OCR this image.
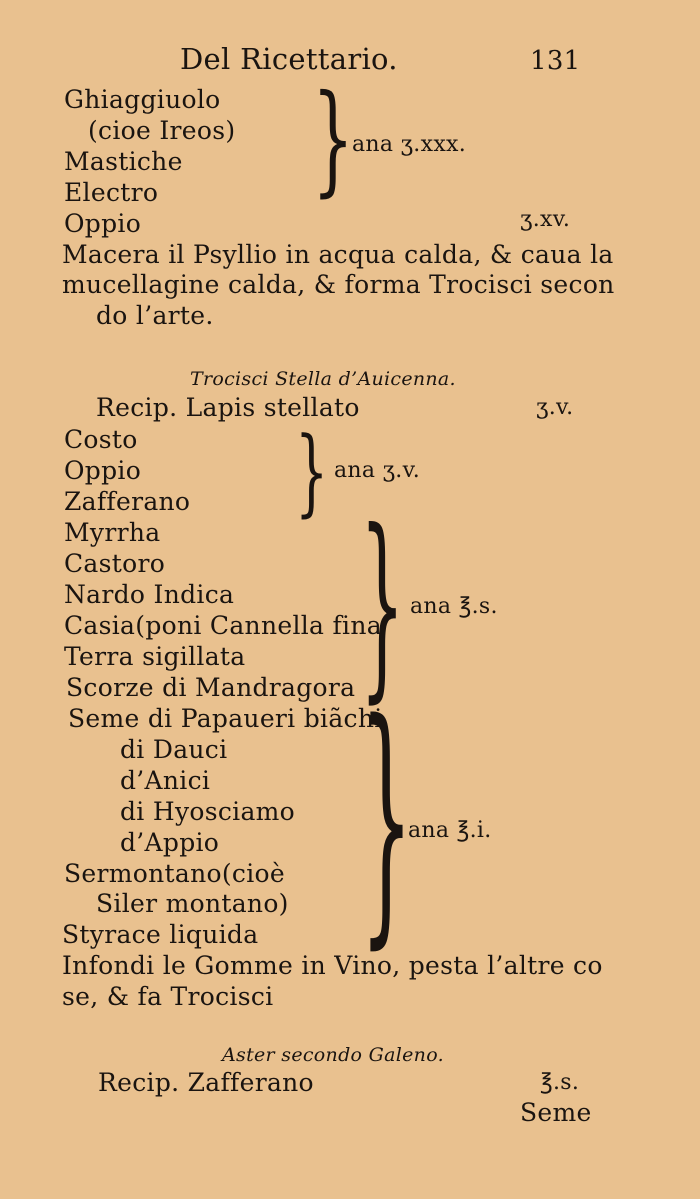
Del Ricettario.	131
Ghiaggiuolo
(cioe Ireos)
Mastiche
Electro }
ana ʒ.xxx.
Oppio	ʒ.xv.
Macera il Psyllio in acqua calda, & caua la
mucellagine calda, & forma Trocisci secon
do l’arte.
Trocisci Stella d’Auicenna.
Recip. Lapis stellato	ʒ.v.
Costo
Oppio
Zafferano } ana ʒ.v.
Myrrha
Castoro
Nardo Indica
Casia(poni Cannella fina
Terra sigillata
Scorze di Mandragora } ana ℥.s.
Seme di Papaueri biãchi
di Dauci
d’Anici
di Hyosciamo
d’Appio
Sermontano(cioè
Siler montano)
Styrace liquida }
ana ℥.i.
Infondi le Gomme in Vino, pesta l’altre co
se, & fa Trocisci
Aster secondo Galeno.
Recip. Zafferano	℥.s.
Seme
